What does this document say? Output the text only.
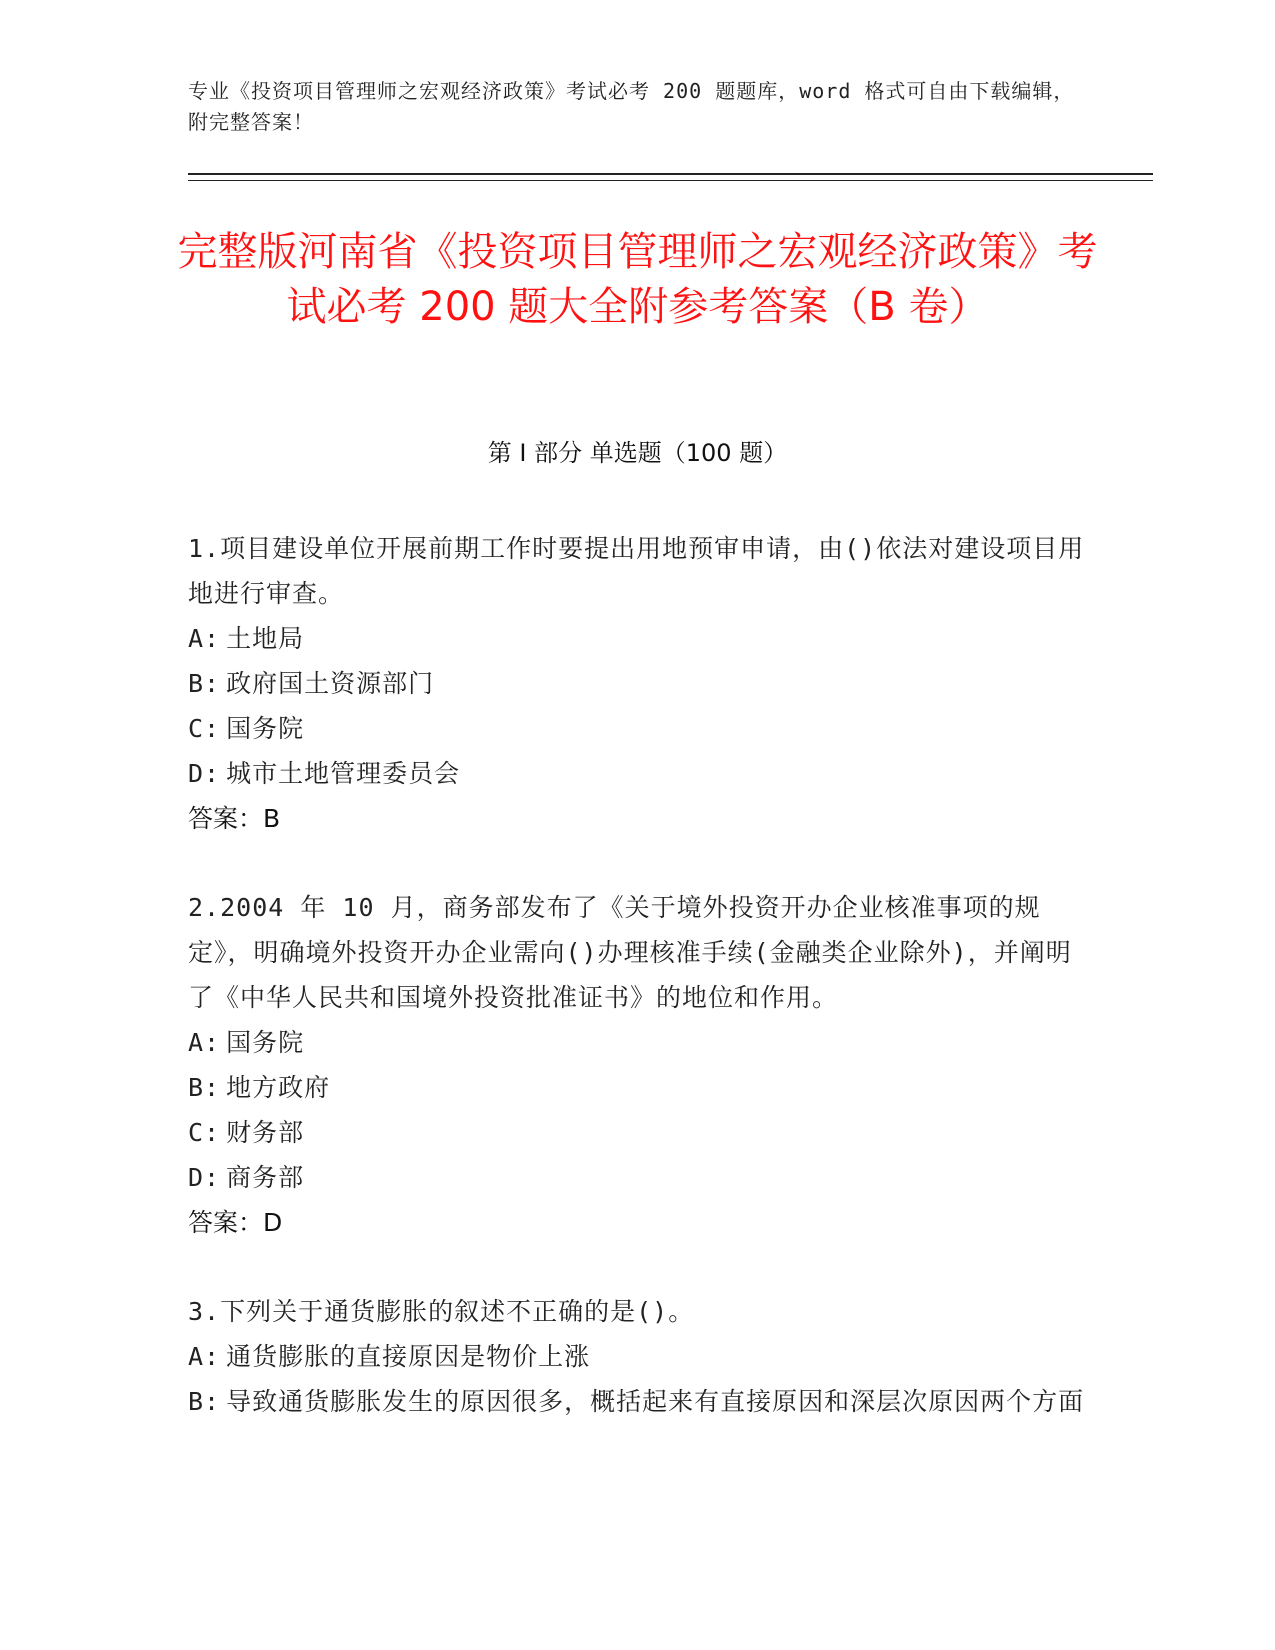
专业《投资项目管理师之宏观经济政策》考试必考 200 题题库，word 格式可自由下载编辑，附完整答案！
完整版河南省《投资项目管理师之宏观经济政策》考试必考 200 题大全附参考答案（B 卷）
第 I 部分 单选题（100 题）
1.项目建设单位开展前期工作时要提出用地预审申请，由()依法对建设项目用地进行审查。
A: 土地局
B: 政府国土资源部门
C: 国务院
D: 城市土地管理委员会
答案：B
2.2004 年 10 月，商务部发布了《关于境外投资开办企业核准事项的规定》，明确境外投资开办企业需向()办理核准手续(金融类企业除外)，并阐明了《中华人民共和国境外投资批准证书》的地位和作用。
A: 国务院
B: 地方政府
C: 财务部
D: 商务部
答案：D
3.下列关于通货膨胀的叙述不正确的是()。
A: 通货膨胀的直接原因是物价上涨
B: 导致通货膨胀发生的原因很多，概括起来有直接原因和深层次原因两个方面
